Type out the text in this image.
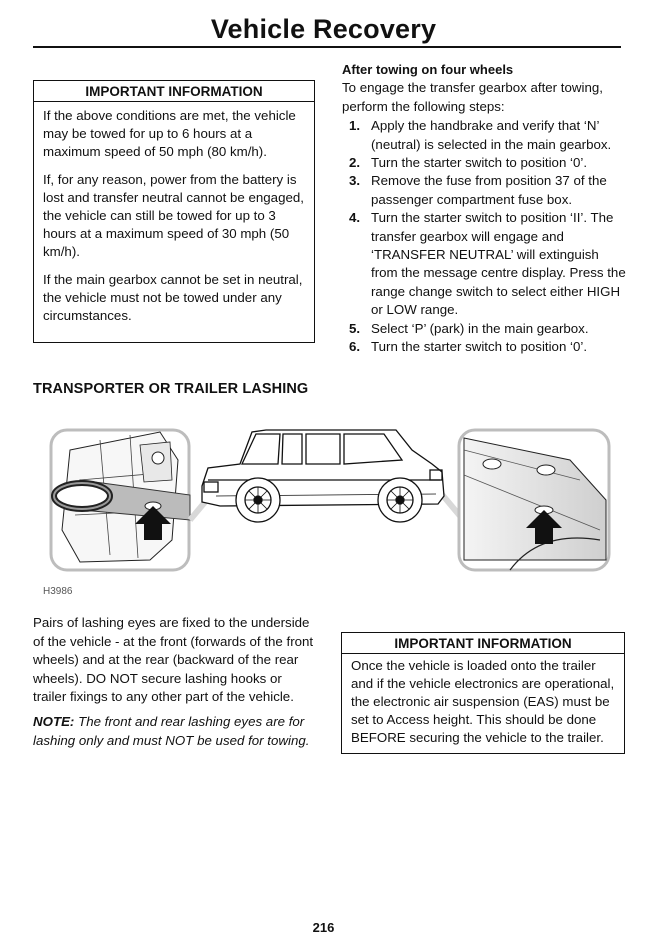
Vehicle Recovery
IMPORTANT INFORMATION

If the above conditions are met, the vehicle may be towed for up to 6 hours at a maximum speed of 50 mph (80 km/h).

If, for any reason, power from the battery is lost and transfer neutral cannot be engaged, the vehicle can still be towed for up to 3 hours at a maximum speed of 30 mph (50 km/h).

If the main gearbox cannot be set in neutral, the vehicle must not be towed under any circumstances.

After towing on four wheels
To engage the transfer gearbox after towing, perform the following steps:
1. Apply the handbrake and verify that ‘N’ (neutral) is selected in the main gearbox.
2. Turn the starter switch to position ‘0’.
3. Remove the fuse from position 37 of the passenger compartment fuse box.
4. Turn the starter switch to position ‘II’. The transfer gearbox will engage and ‘TRANSFER NEUTRAL’ will extinguish from the message centre display. Press the range change switch to select either HIGH or LOW range.
5. Select ‘P’ (park) in the main gearbox.
6. Turn the starter switch to position ‘0’.
TRANSPORTER OR TRAILER LASHING
H3986

Pairs of lashing eyes are fixed to the underside of the vehicle - at the front (forwards of the front wheels) and at the rear (backward of the rear wheels). DO NOT secure lashing hooks or trailer fixings to any other part of the vehicle.

NOTE: The front and rear lashing eyes are for lashing only and must NOT be used for towing.

IMPORTANT INFORMATION

Once the vehicle is loaded onto the trailer and if the vehicle electronics are operational, the electronic air suspension (EAS) must be set to Access height. This should be done BEFORE securing the vehicle to the trailer.

216
